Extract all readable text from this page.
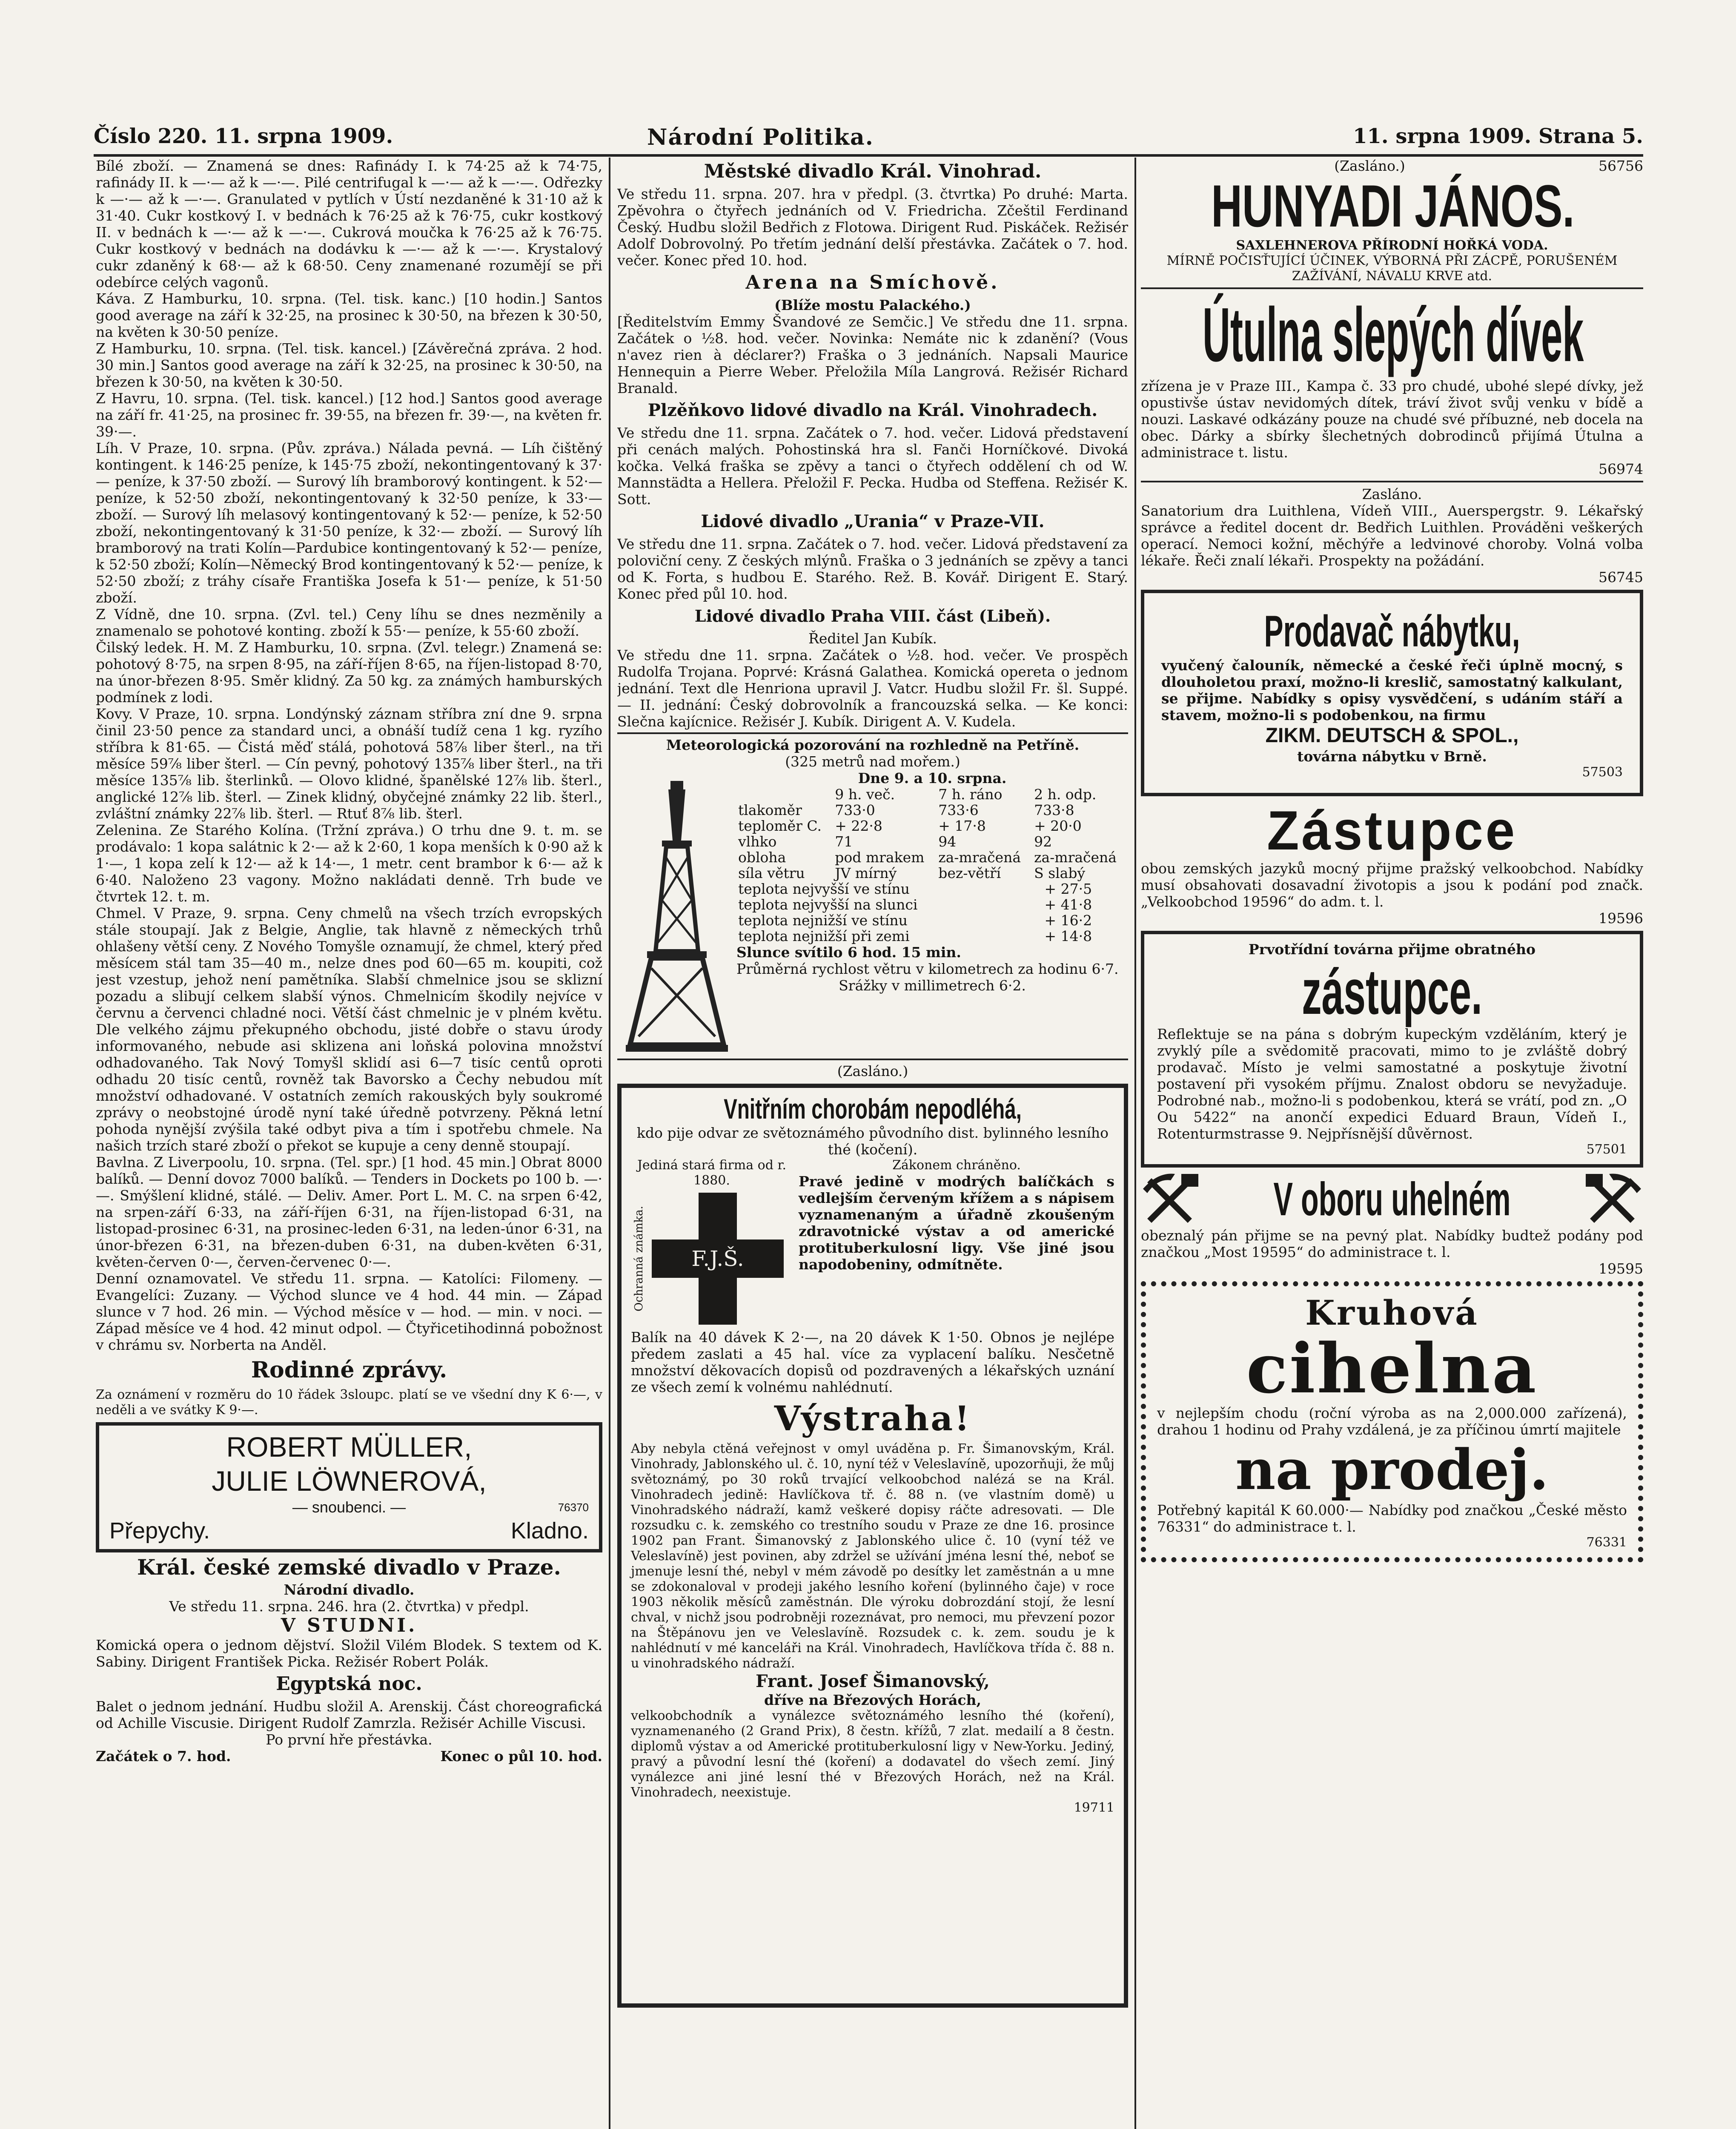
Číslo 220. 11. srpna 1909.	Národní Politika.	11. srpna 1909. Strana 5.

Bílé zboží. — Znamená se dnes: Rafinády I. k 74·25 až k 74·75, rafinády II. k —·— až k —·—. Pilé centrifugal k —·— až k —·—. Odřezky k —·— až k —·—. Granulated v pytlích v Ústí nezdaněné k 31·10 až k 31·40. Cukr kostkový I. v bednách k 76·25 až k 76·75, cukr kostkový II. v bednách k —·— až k —·—. Cukrová moučka k 76·25 až k 76·75. Cukr kostkový v bednách na dodávku k —·— až k —·—. Krystalový cukr zdaněný k 68·— až k 68·50. Ceny znamenané rozumějí se při odebírce celých vagonů.

Káva. Z Hamburku, 10. srpna. (Tel. tisk. kanc.) [10 hodin.] Santos good average na září k 32·25, na prosinec k 30·50, na březen k 30·50, na květen k 30·50 peníze.

Z Hamburku, 10. srpna. (Tel. tisk. kancel.) [Závěrečná zpráva. 2 hod. 30 min.] Santos good average na září k 32·25, na prosinec k 30·50, na březen k 30·50, na květen k 30·50.

Z Havru, 10. srpna. (Tel. tisk. kancel.) [12 hod.] Santos good average na září fr. 41·25, na prosinec fr. 39·55, na březen fr. 39·—, na květen fr. 39·—.

Líh. V Praze, 10. srpna. (Pův. zpráva.) Nálada pevná. — Líh čištěný kontingent. k 146·25 peníze, k 145·75 zboží, nekontingentovaný k 37·— peníze, k 37·50 zboží. — Surový líh bramborový kontingent. k 52·— peníze, k 52·50 zboží, nekontingentovaný k 32·50 peníze, k 33·— zboží. — Surový líh melasový kontingentovaný k 52·— peníze, k 52·50 zboží, nekontingentovaný k 31·50 peníze, k 32·— zboží. — Surový líh bramborový na trati Kolín—Pardubice kontingentovaný k 52·— peníze, k 52·50 zboží; Kolín—Německý Brod kontingentovaný k 52·— peníze, k 52·50 zboží; z tráhy císaře Františka Josefa k 51·— peníze, k 51·50 zboží.

Z Vídně, dne 10. srpna. (Zvl. tel.) Ceny líhu se dnes nezměnily a znamenalo se pohotové konting. zboží k 55·— peníze, k 55·60 zboží.

Čilský ledek. H. M. Z Hamburku, 10. srpna. (Zvl. telegr.) Znamená se: pohotový 8·75, na srpen 8·95, na září-říjen 8·65, na říjen-listopad 8·70, na únor-březen 8·95. Směr klidný. Za 50 kg. za známých hamburských podmínek z lodi.

Kovy. V Praze, 10. srpna. Londýnský záznam stříbra zní dne 9. srpna činil 23·50 pence za standard unci, a obnáší tudíž cena 1 kg. ryzího stříbra k 81·65. — Čistá měď stálá, pohotová 58⅞ liber šterl., na tři měsíce 59⅞ liber šterl. — Cín pevný, pohotový 135⅞ liber šterl., na tři měsíce 135⅞ lib. šterlinků. — Olovo klidné, španělské 12⅞ lib. šterl., anglické 12⅞ lib. šterl. — Zinek klidný, obyčejné známky 22 lib. šterl., zvláštní známky 22⅞ lib. šterl. — Rtuť 8⅞ lib. šterl.

Zelenina. Ze Starého Kolína. (Tržní zpráva.) O trhu dne 9. t. m. se prodávalo: 1 kopa salátnic k 2·— až k 2·60, 1 kopa menších k 0·90 až k 1·—, 1 kopa zelí k 12·— až k 14·—, 1 metr. cent brambor k 6·— až k 6·40. Naloženo 23 vagony. Možno nakládati denně. Trh bude ve čtvrtek 12. t. m.

Chmel. V Praze, 9. srpna. Ceny chmelů na všech trzích evropských stále stoupají. Jak z Belgie, Anglie, tak hlavně z německých trhů ohlašeny větší ceny. Z Nového Tomyšle oznamují, že chmel, který před měsícem stál tam 35—40 m., nelze dnes pod 60—65 m. koupiti, což jest vzestup, jehož není pamětníka. Slabší chmelnice jsou se sklizní pozadu a slibují celkem slabší výnos. Chmelnicím škodily nejvíce v červnu a červenci chladné noci. Větší část chmelnic je v plném květu. Dle velkého zájmu překupného obchodu, jisté dobře o stavu úrody informovaného, nebude asi sklizena ani loňská polovina množství odhadovaného. Tak Nový Tomyšl sklidí asi 6—7 tisíc centů oproti odhadu 20 tisíc centů, rovněž tak Bavorsko a Čechy nebudou mít množství odhadované. V ostatních zemích rakouských byly soukromé zprávy o neobstojné úrodě nyní také úředně potvrzeny. Pěkná letní pohoda nynější zvýšila také odbyt piva a tím i spotřebu chmele. Na našich trzích staré zboží o překot se kupuje a ceny denně stoupají.

Bavlna. Z Liverpoolu, 10. srpna. (Tel. spr.) [1 hod. 45 min.] Obrat 8000 balíků. — Denní dovoz 7000 balíků. — Tenders in Dockets po 100 b. —·—. Smýšlení klidné, stálé. — Deliv. Amer. Port L. M. C. na srpen 6·42, na srpen-září 6·33, na září-říjen 6·31, na říjen-listopad 6·31, na listopad-prosinec 6·31, na prosinec-leden 6·31, na leden-únor 6·31, na únor-březen 6·31, na březen-duben 6·31, na duben-květen 6·31, květen-červen 0·—, červen-červenec 0·—.

Denní oznamovatel. Ve středu 11. srpna. — Katolíci: Filomeny. — Evangelíci: Zuzany. — Východ slunce ve 4 hod. 44 min. — Západ slunce v 7 hod. 26 min. — Východ měsíce v — hod. — min. v noci. — Západ měsíce ve 4 hod. 42 minut odpol. — Čtyřicetihodinná pobožnost v chrámu sv. Norberta na Anděl.

Rodinné zprávy.

Za oznámení v rozměru do 10 řádek 3sloupc. platí se ve všední dny K 6·—, v neděli a ve svátky K 9·—.

ROBERT MÜLLER,
JULIE LÖWNEROVÁ,
— snoubenci. —	76370
Přepychy.	Kladno.
Král. české zemské divadlo v Praze.
Národní divadlo.

Ve středu 11. srpna. 246. hra (2. čtvrtka) v předpl.

V STUDNI.

Komická opera o jednom dějství. Složil Vilém Blodek. S textem od K. Sabiny. Dirigent František Picka. Režisér Robert Polák.

Egyptská noc.

Balet o jednom jednání. Hudbu složil A. Arenskij. Část choreografická od Achille Viscusie. Dirigent Rudolf Zamrzla. Režisér Achille Viscusi.

Po první hře přestávka.

Začátek o 7. hod.	Konec o půl 10. hod.
Městské divadlo Král. Vinohrad.

Ve středu 11. srpna. 207. hra v předpl. (3. čtvrtka) Po druhé: Marta. Zpěvohra o čtyřech jednáních od V. Friedricha. Zčeštil Ferdinand Český. Hudbu složil Bedřich z Flotowa. Dirigent Rud. Piskáček. Režisér Adolf Dobrovolný. Po třetím jednání delší přestávka. Začátek o 7. hod. večer. Konec před 10. hod.

Arena na Smíchově.
(Blíže mostu Palackého.)

[Ředitelstvím Emmy Švandové ze Semčic.] Ve středu dne 11. srpna. Začátek o ½8. hod. večer. Novinka: Nemáte nic k zdanění? (Vous n'avez rien à déclarer?) Fraška o 3 jednáních. Napsali Maurice Hennequin a Pierre Weber. Přeložila Míla Langrová. Režisér Richard Branald.

Plzěňkovo lidové divadlo na Král. Vinohradech.

Ve středu dne 11. srpna. Začátek o 7. hod. večer. Lidová představení při cenách malých. Pohostinská hra sl. Fanči Horníčkové. Divoká kočka. Velká fraška se zpěvy a tanci o čtyřech oddělení ch od W. Mannstädta a Hellera. Přeložil F. Pecka. Hudba od Steffena. Režisér K. Sott.

Lidové divadlo „Urania“ v Praze-VII.

Ve středu dne 11. srpna. Začátek o 7. hod. večer. Lidová představení za poloviční ceny. Z českých mlýnů. Fraška o 3 jednáních se zpěvy a tanci od K. Forta, s hudbou E. Starého. Rež. B. Kovář. Dirigent E. Starý. Konec před půl 10. hod.

Lidové divadlo Praha VIII. část (Libeň).
Ředitel Jan Kubík.

Ve středu dne 11. srpna. Začátek o ½8. hod. večer. Ve prospěch Rudolfa Trojana. Poprvé: Krásná Galathea. Komická opereta o jednom jednání. Text dle Henriona upravil J. Vatcr. Hudbu složil Fr. šl. Suppé. — II. jednání: Český dobrovolník a francouzská selka. — Ke konci: Slečna kajícnice. Režisér J. Kubík. Dirigent A. V. Kudela.

Meteorologická pozorování na rozhledně na Petříně.
(325 metrů nad mořem.)
Dne 9. a 10. srpna.
	9 h. več.	7 h. ráno	2 h. odp.
tlakoměr	733·0	733·6	733·8
teploměr C.	+ 22·8	+ 17·8	+ 20·0
vlhko	71	94	92
obloha	pod mrakem	za-mračená	za-mračená
síla větru	JV mírný	bez-větří	S slabý
teplota nejvyšší ve stínu	+ 27·5
teplota nejvyšší na slunci	+ 41·8
teplota nejnižší ve stínu	+ 16·2
teplota nejnižší při zemi	+ 14·8

Slunce svítilo 6 hod. 15 min.

Průměrná rychlost větru v kilometrech za hodinu 6·7.

Srážky v millimetrech 6·2.

(Zasláno.)
Vnitřním chorobám nepodléhá,

kdo pije odvar ze světoznámého původního dist. bylinného lesního thé (kočení).

Jediná stará firma od r. 1880.

Ochranná známka. F.J.Š.

Zákonem chráněno.

Pravé jedině v modrých balíčkách s vedlejším červeným křížem a s nápisem vyznamenaným a úřadně zkoušeným zdravotnické výstav a od americké protituberkulosní ligy. Vše jiné jsou napodobeniny, odmítněte.

Balík na 40 dávek K 2·—, na 20 dávek K 1·50. Obnos je nejlépe předem zaslati a 45 hal. více za vyplacení balíku. Nesčetně množství děkovacích dopisů od pozdravených a lékařských uznání ze všech zemí k volnému nahlédnutí.

Výstraha!

Aby nebyla ctěná veřejnost v omyl uváděna p. Fr. Šimanovským, Král. Vinohrady, Jablonského ul. č. 10, nyní též v Veleslavíně, upozorňuji, že můj světoznámý, po 30 roků trvající velkoobchod nalézá se na Král. Vinohradech jedině: Havlíčkova tř. č. 88 n. (ve vlastním domě) u Vinohradského nádraží, kamž veškeré dopisy ráčte adresovati. — Dle rozsudku c. k. zemského co trestního soudu v Praze ze dne 16. prosince 1902 pan Frant. Šimanovský z Jablonského ulice č. 10 (vyní též ve Veleslavíně) jest povinen, aby zdržel se užívání jména lesní thé, neboť se jmenuje lesní thé, nebyl v mém závodě po desítky let zaměstnán a u mne se zdokonaloval v prodeji jakého lesního koření (bylinného čaje) v roce 1903 několik měsíců zaměstnán. Dle výroku dobrozdání stojí, že lesní chval, v nichž jsou podrobněji rozeznávat, pro nemoci, mu převzení pozor na Štěpánovu jen ve Veleslavíně. Rozsudek c. k. zem. soudu je k nahlédnutí v mé kanceláři na Král. Vinohradech, Havlíčkova třída č. 88 n. u vinohradského nádraží.

Frant. Josef Šimanovský,
dříve na Březových Horách,

velkoobchodník a vynálezce světoznámého lesního thé (koření), vyznamenaného (2 Grand Prix), 8 čestn. křížů, 7 zlat. medailí a 8 čestn. diplomů výstav a od Americké protituberkulosní ligy v New-Yorku. Jediný, pravý a původní lesní thé (koření) a dodavatel do všech zemí. Jiný vynálezce ani jiné lesní thé v Březových Horách, než na Král. Vinohradech, neexistuje.

19711
(Zasláno.)	56756
HUNYADI JÁNOS.
SAXLEHNEROVA PŘÍRODNÍ HOŘKÁ VODA.
MÍRNĚ POČISŤUJÍCÍ ÚČINEK, VÝBORNÁ PŘI ZÁCPĚ, PORUŠENÉM ZAŽÍVÁNÍ, NÁVALU KRVE atd.
Útulna slepých dívek

zřízena je v Praze III., Kampa č. 33 pro chudé, ubohé slepé dívky, jež opustivše ústav nevidomých dítek, tráví život svůj venku v bídě a nouzi. Laskavé odkázány pouze na chudé své příbuzné, neb docela na obec. Dárky a sbírky šlechetných dobrodinců přijímá Útulna a administrace t. listu.

56974
Zasláno.

Sanatorium dra Luithlena, Vídeň VIII., Auerspergstr. 9. Lékařský správce a ředitel docent dr. Bedřich Luithlen. Prováděni veškerých operací. Nemoci kožní, měchýře a ledvinové choroby. Volná volba lékaře. Řeči znalí lékaři. Prospekty na požádání.

56745
Prodavač nábytku,

vyučený čalouník, německé a české řeči úplně mocný, s dlouholetou praxí, možno-li kreslič, samostatný kalkulant, se přijme. Nabídky s opisy vysvědčení, s udáním stáří a stavem, možno-li s podobenkou, na firmu

ZIKM. DEUTSCH & SPOL.,
továrna nábytku v Brně.
57503
Zástupce

obou zemských jazyků mocný přijme pražský velkoobchod. Nabídky musí obsahovati dosavadní životopis a jsou k podání pod značk. „Velkoobchod 19596“ do adm. t. l.

19596
Prvotřídní továrna přijme obratného
zástupce.

Reflektuje se na pána s dobrým kupeckým vzděláním, který je zvyklý píle a svědomitě pracovati, mimo to je zvláště dobrý prodavač. Místo je velmi samostatné a poskytuje životní postavení při vysokém příjmu. Znalost obdoru se nevyžaduje. Podrobné nab., možno-li s podobenkou, která se vrátí, pod zn. „O Ou 5422“ na anončí expedici Eduard Braun, Vídeň I., Rotenturmstrasse 9. Nejpřísnější důvěrnost.

57501
V oboru uhelném

obeznalý pán přijme se na pevný plat. Nabídky budtež podány pod značkou „Most 19595“ do administrace t. l.

19595
Kruhová
cihelna

v nejlepším chodu (roční výroba as na 2,000.000 zařízená), drahou 1 hodinu od Prahy vzdálená, je za příčinou úmrtí majitele

na prodej.

Potřebný kapitál K 60.000·— Nabídky pod značkou „České město 76331“ do administrace t. l.

76331
